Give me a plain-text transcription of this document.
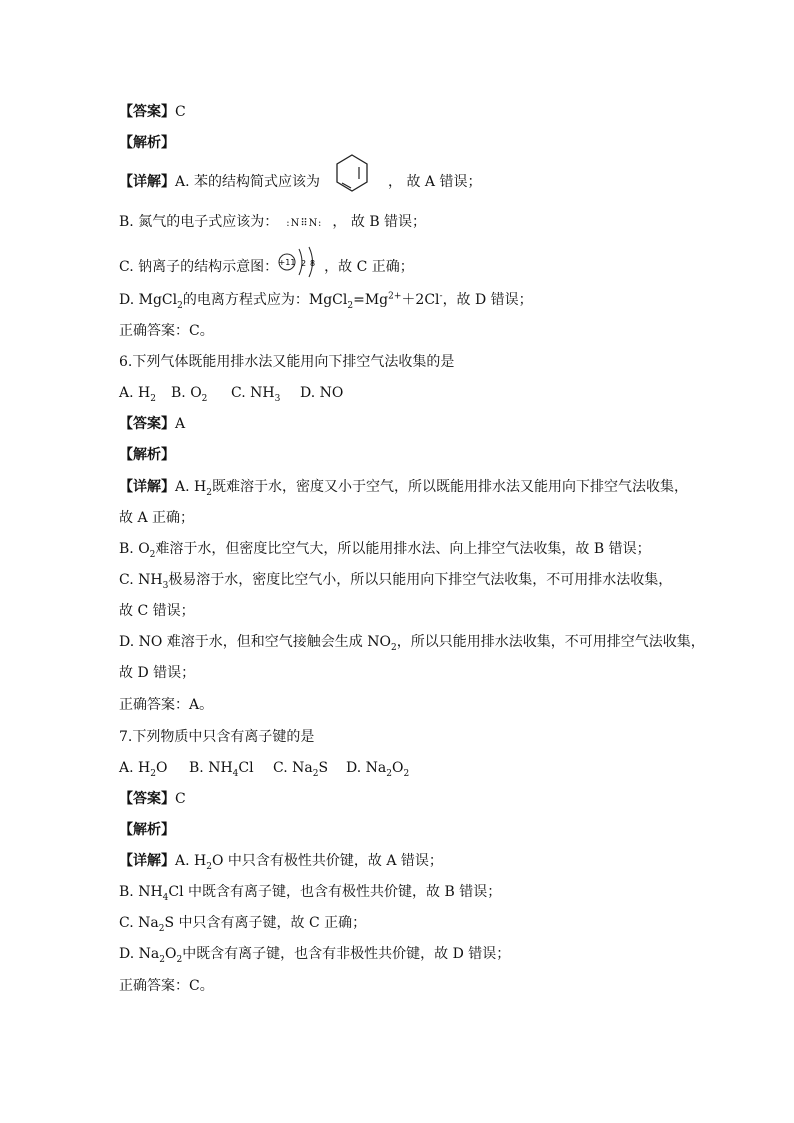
【答案】C
【解析】
【详解】A. 苯的结构简式应该为	， 故 A 错误；
B. 氮气的电子式应该为： :N⠿N: ， 故 B 错误；
C. 钠离子的结构示意图： +11 2 8 ，故 C 正确；
D. MgCl$_2$的电离方程式应为：$MgCl_2=Mg^{2+}+2Cl^-$，故 D 错误；
正确答案：C。
6.下列气体既能用排水法又能用向下排空气法收集的是
A. $H_2$ B. $O_2$ C. $NH_3$ D. NO
【答案】A
【解析】
【详解】A. $H_2$既难溶于水，密度又小于空气，所以既能用排水法又能用向下排空气法收集，
故 A 正确；
B. $O_2$难溶于水，但密度比空气大，所以能用排水法、向上排空气法收集，故 B 错误；
C. $NH_3$极易溶于水，密度比空气小，所以只能用向下排空气法收集，不可用排水法收集，
故 C 错误；
D. NO 难溶于水，但和空气接触会生成 $NO_2$，所以只能用排水法收集，不可用排空气法收集，
故 D 错误；
正确答案：A。
7.下列物质中只含有离子键的是
A. $H_2O$ B. $NH_4Cl$ C. $Na_2S$ D. $Na_2O_2$
【答案】C
【解析】
【详解】A. $H_2O$ 中只含有极性共价键，故 A 错误；
B. $NH_4Cl$ 中既含有离子键，也含有极性共价键，故 B 错误；
C. $Na_2S$ 中只含有离子键，故 C 正确；
D. $Na_2O_2$中既含有离子键，也含有非极性共价键，故 D 错误；
正确答案：C。
